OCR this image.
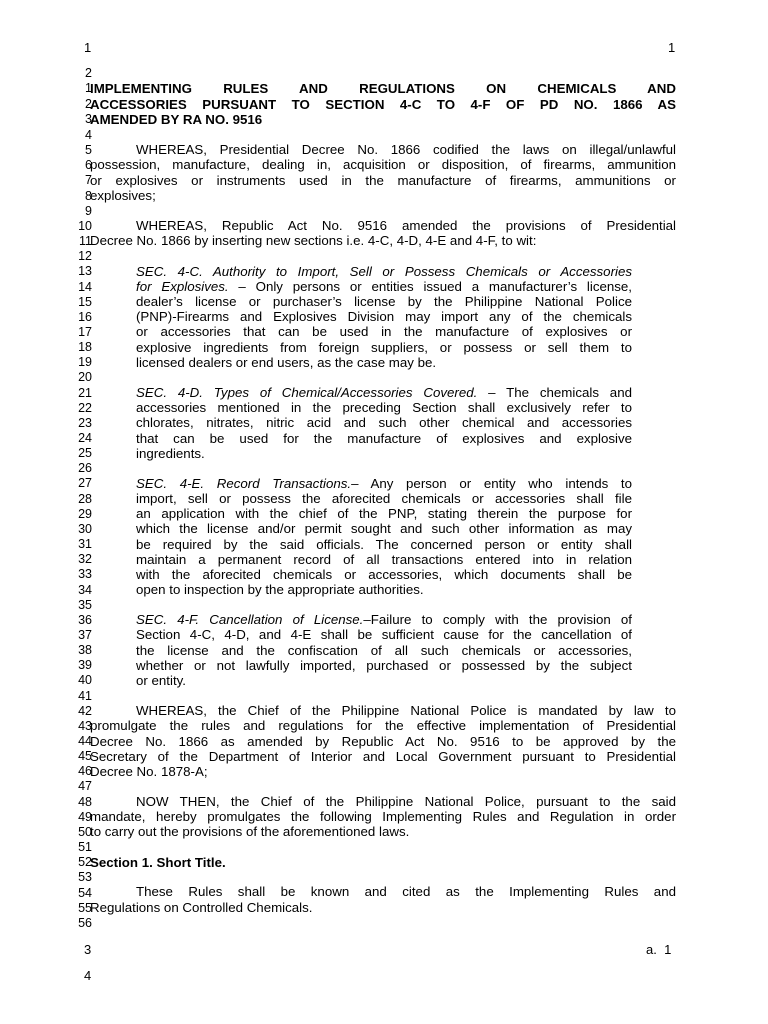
1	1
3	a.  1
4
2
1
2
3
4
5
6
7
8
9
10
11
12
13
14
15
16
17
18
19
20
21
22
23
24
25
26
27
28
29
30
31
32
33
34
35
36
37
38
39
40
41
42
43
44
45
46
47
48
49
50
51
52
53
54
55
56
IMPLEMENTING RULES AND REGULATIONS ON CHEMICALS AND
ACCESSORIES PURSUANT TO SECTION 4-C TO 4-F OF PD NO. 1866 AS
AMENDED BY RA NO. 9516
WHEREAS, Presidential Decree No. 1866 codified the laws on illegal/unlawful
possession, manufacture, dealing in, acquisition or disposition, of firearms, ammunition
or explosives or instruments used in the manufacture of firearms, ammunitions or
explosives;
WHEREAS, Republic Act No. 9516 amended the provisions of Presidential
Decree No. 1866 by inserting new sections i.e. 4-C, 4-D, 4-E and 4-F, to wit:
SEC. 4-C. Authority to Import, Sell or Possess Chemicals or Accessories
for Explosives. – Only persons or entities issued a manufacturer’s license,
dealer’s license or purchaser’s license by the Philippine National Police
(PNP)-Firearms and Explosives Division may import any of the chemicals
or accessories that can be used in the manufacture of explosives or
explosive ingredients from foreign suppliers, or possess or sell them to
licensed dealers or end users, as the case may be.
SEC. 4-D. Types of Chemical/Accessories Covered. – The chemicals and
accessories mentioned in the preceding Section shall exclusively refer to
chlorates, nitrates, nitric acid and such other chemical and accessories
that can be used for the manufacture of explosives and explosive
ingredients.
SEC. 4-E. Record Transactions.– Any person or entity who intends to
import, sell or possess the aforecited chemicals or accessories shall file
an application with the chief of the PNP, stating therein the purpose for
which the license and/or permit sought and such other information as may
be required by the said officials. The concerned person or entity shall
maintain a permanent record of all transactions entered into in relation
with the aforecited chemicals or accessories, which documents shall be
open to inspection by the appropriate authorities.
SEC. 4-F. Cancellation of License.–Failure to comply with the provision of
Section 4-C, 4-D, and 4-E shall be sufficient cause for the cancellation of
the license and the confiscation of all such chemicals or accessories,
whether or not lawfully imported, purchased or possessed by the subject
or entity.
WHEREAS, the Chief of the Philippine National Police is mandated by law to
promulgate the rules and regulations for the effective implementation of Presidential
Decree No. 1866 as amended by Republic Act No. 9516 to be approved by the
Secretary of the Department of Interior and Local Government pursuant to Presidential
Decree No. 1878-A;
NOW THEN, the Chief of the Philippine National Police, pursuant to the said
mandate, hereby promulgates the following Implementing Rules and Regulation in order
to carry out the provisions of the aforementioned laws.
Section 1. Short Title.
These Rules shall be known and cited as the Implementing Rules and
Regulations on Controlled Chemicals.
